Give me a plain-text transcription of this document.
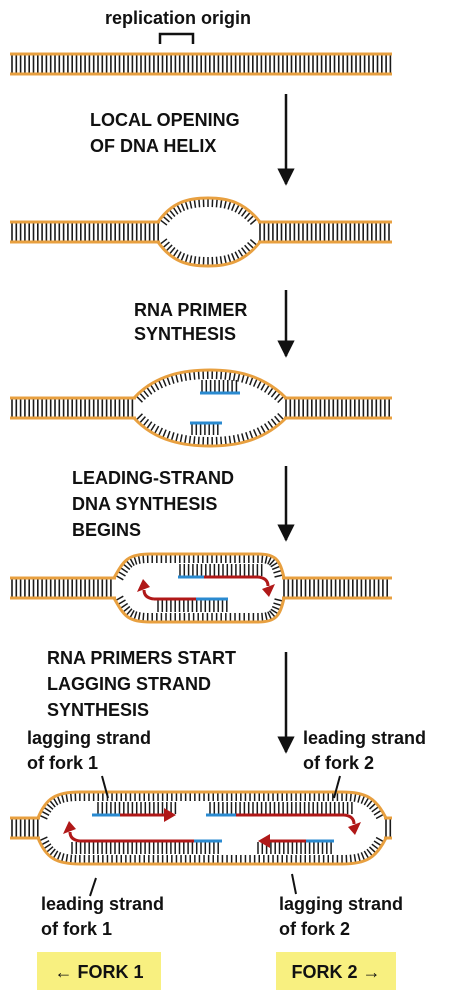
replication origin
LOCAL OPENING
OF DNA HELIX
RNA PRIMER
SYNTHESIS
LEADING-STRAND
DNA SYNTHESIS
BEGINS
RNA PRIMERS START
LAGGING STRAND
SYNTHESIS
lagging strand
of fork 1
leading strand
of fork 2
leading strand
of fork 1
lagging strand
of fork 2
← FORK 1	FORK 2 →
